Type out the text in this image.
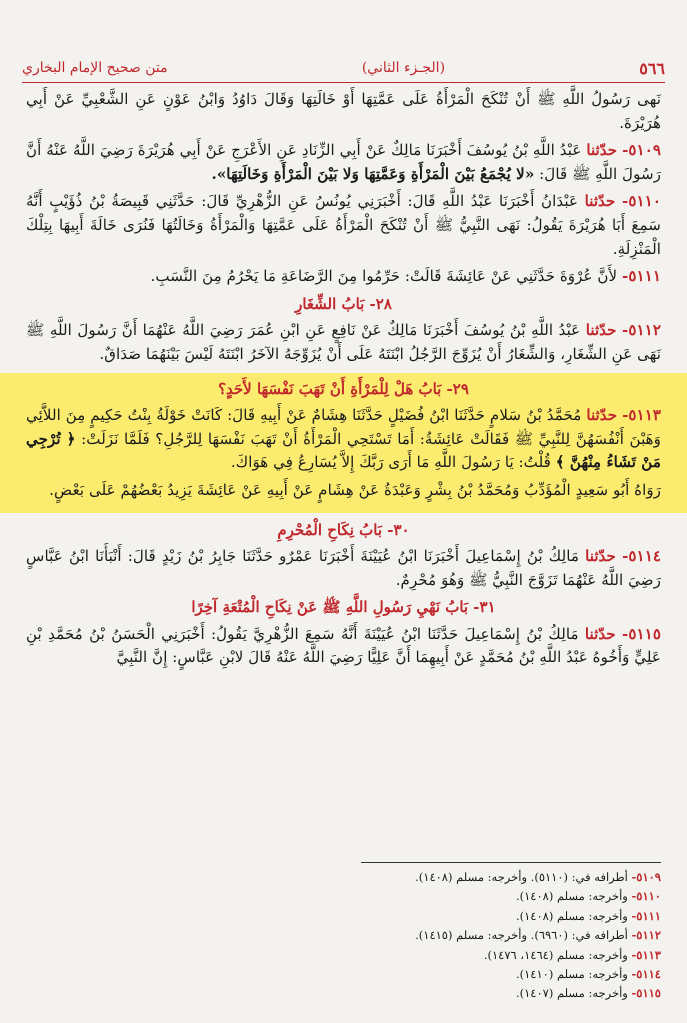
٥٦٦
(الجـزء الثاني)
متن صحيح الإمام البخاري

نَهى رَسُولُ اللَّهِ ﷺ أَنْ تُنْكَحَ الْمَرْأَةُ عَلَى عَمَّتِهَا أَوْ خَالَتِهَا وَقَالَ دَاوُدُ وَابْنُ عَوْنٍ عَنِ الشَّعْبِيِّ عَنْ أَبِي هُرَيْرَةَ.

٥١٠٩- حدّثنا عَبْدُ اللَّهِ بْنُ يُوسُفَ أَخْبَرَنَا مَالِكٌ عَنْ أَبِي الزِّنَادِ عَنِ الأَعْرَجِ عَنْ أَبِي هُرَيْرَةَ رَضِيَ اللَّهُ عَنْهُ أَنَّ رَسُولَ اللَّهِ ﷺ قَالَ: «لا يُجْمَعُ بَيْنَ الْمَرْأَةِ وَعَمَّتِهَا وَلا بَيْنَ الْمَرْأَةِ وَخَالَتِهَا».

٥١١٠- حدّثنا عَبْدَانُ أَخْبَرَنَا عَبْدُ اللَّهِ قَالَ: أَخْبَرَنِي يُونُسُ عَنِ الزُّهْرِيِّ قَالَ: حَدَّثَنِي قَبِيصَةُ بْنُ ذُؤَيْبٍ أَنَّهُ سَمِعَ أَبَا هُرَيْرَةَ يَقُولُ: نَهَى النَّبِيُّ ﷺ أَنْ تُنْكَحَ الْمَرْأَةُ عَلَى عَمَّتِهَا وَالْمَرْأَةُ وَخَالَتُهَا فَنُرَى خَالَةَ أَبِيهَا بِتِلْكَ الْمَنْزِلَةِ.

٥١١١- لأَنَّ عُرْوَةَ حَدَّثَنِي عَنْ عَائِشَةَ قَالَتْ: حَرِّمُوا مِنَ الرَّضَاعَةِ مَا يَحْرُمُ مِنَ النَّسَبِ.

٢٨- بَابُ الشِّغَارِ

٥١١٢- حدّثنا عَبْدُ اللَّهِ بْنُ يُوسُفَ أَخْبَرَنَا مَالِكٌ عَنْ نَافِعٍ عَنِ ابْنِ عُمَرَ رَضِيَ اللَّهُ عَنْهُمَا أَنَّ رَسُولَ اللَّهِ ﷺ نَهَى عَنِ الشِّغَارِ، وَالشِّغَارُ أَنْ يُزَوِّجَ الرَّجُلُ ابْنَتَهُ عَلَى أَنْ يُزَوِّجَهُ الآخَرُ ابْنَتَهُ لَيْسَ بَيْنَهُمَا صَدَاقٌ.

٢٩- بَابُ هَلْ لِلْمَرْأَةِ أَنْ تَهَبَ نَفْسَهَا لأَحَدٍ؟

٥١١٣- حدّثنا مُحَمَّدُ بْنُ سَلامٍ حَدَّثَنَا ابْنُ فُضَيْلٍ حَدَّثَنَا هِشَامٌ عَنْ أَبِيهِ قَالَ: كَانَتْ خَوْلَةُ بِنْتُ حَكِيمٍ مِنَ اللاَّئِي وَهَبْنَ أَنْفُسَهُنَّ لِلنَّبِيِّ ﷺ فَقَالَتْ عَائِشَةُ: أَمَا تَسْتَحِي الْمَرْأَةُ أَنْ تَهَبَ نَفْسَهَا لِلرَّجُلِ؟ فَلَمَّا نَزَلَتْ: ﴿ تُرْجِي مَنْ تَشَاءُ مِنْهُنَّ ﴾ قُلْتُ: يَا رَسُولَ اللَّهِ مَا أَرَى رَبَّكَ إِلاَّ يُسَارِعُ فِي هَوَاكَ.

رَوَاهُ أَبُو سَعِيدٍ الْمُؤَدِّبُ وَمُحَمَّدُ بْنُ بِشْرٍ وَعَبْدَةُ عَنْ هِشَامٍ عَنْ أَبِيهِ عَنْ عَائِشَةَ يَزِيدُ بَعْضُهُمْ عَلَى بَعْضٍ.

٣٠- بَابُ نِكَاحِ الْمُحْرِمِ

٥١١٤- حدّثنا مَالِكُ بْنُ إِسْمَاعِيلَ أَخْبَرَنَا ابْنُ عُيَيْنَةَ أَخْبَرَنَا عَمْرٌو حَدَّثَنَا جَابِرُ بْنُ زَيْدٍ قَالَ: أَنْبَأَنَا ابْنُ عَبَّاسٍ رَضِيَ اللَّهُ عَنْهُمَا تَزَوَّجَ النَّبِيُّ ﷺ وَهُوَ مُحْرِمٌ.

٣١- بَابُ نَهْيِ رَسُولِ اللَّهِ ﷺ عَنْ نِكَاحِ الْمُتْعَةِ آخِرًا

٥١١٥- حدّثنا مَالِكُ بْنُ إِسْمَاعِيلَ حَدَّثَنَا ابْنُ عُيَيْنَةَ أَنَّهُ سَمِعَ الزُّهْرِيَّ يَقُولُ: أَخْبَرَنِي الْحَسَنُ بْنُ مُحَمَّدِ بْنِ عَلِيٍّ وَأَخُوهُ عَبْدُ اللَّهِ بْنُ مُحَمَّدٍ عَنْ أَبِيهِمَا أَنَّ عَلِيًّا رَضِيَ اللَّهُ عَنْهُ قَالَ لابْنِ عَبَّاسٍ: إِنَّ النَّبِيَّ

٥١٠٩- أطرافه في: (٥١١٠). وأخرجه: مسلم (١٤٠٨).
٥١١٠- وأخرجه: مسلم (١٤٠٨).
٥١١١- وأخرجه: مسلم (١٤٠٨).
٥١١٢- أطرافه في: (٦٩٦٠). وأخرجه: مسلم (١٤١٥).
٥١١٣- وأخرجه: مسلم (١٤٦٤، ١٤٧٦).
٥١١٤- وأخرجه: مسلم (١٤١٠).
٥١١٥- وأخرجه: مسلم (١٤٠٧).
